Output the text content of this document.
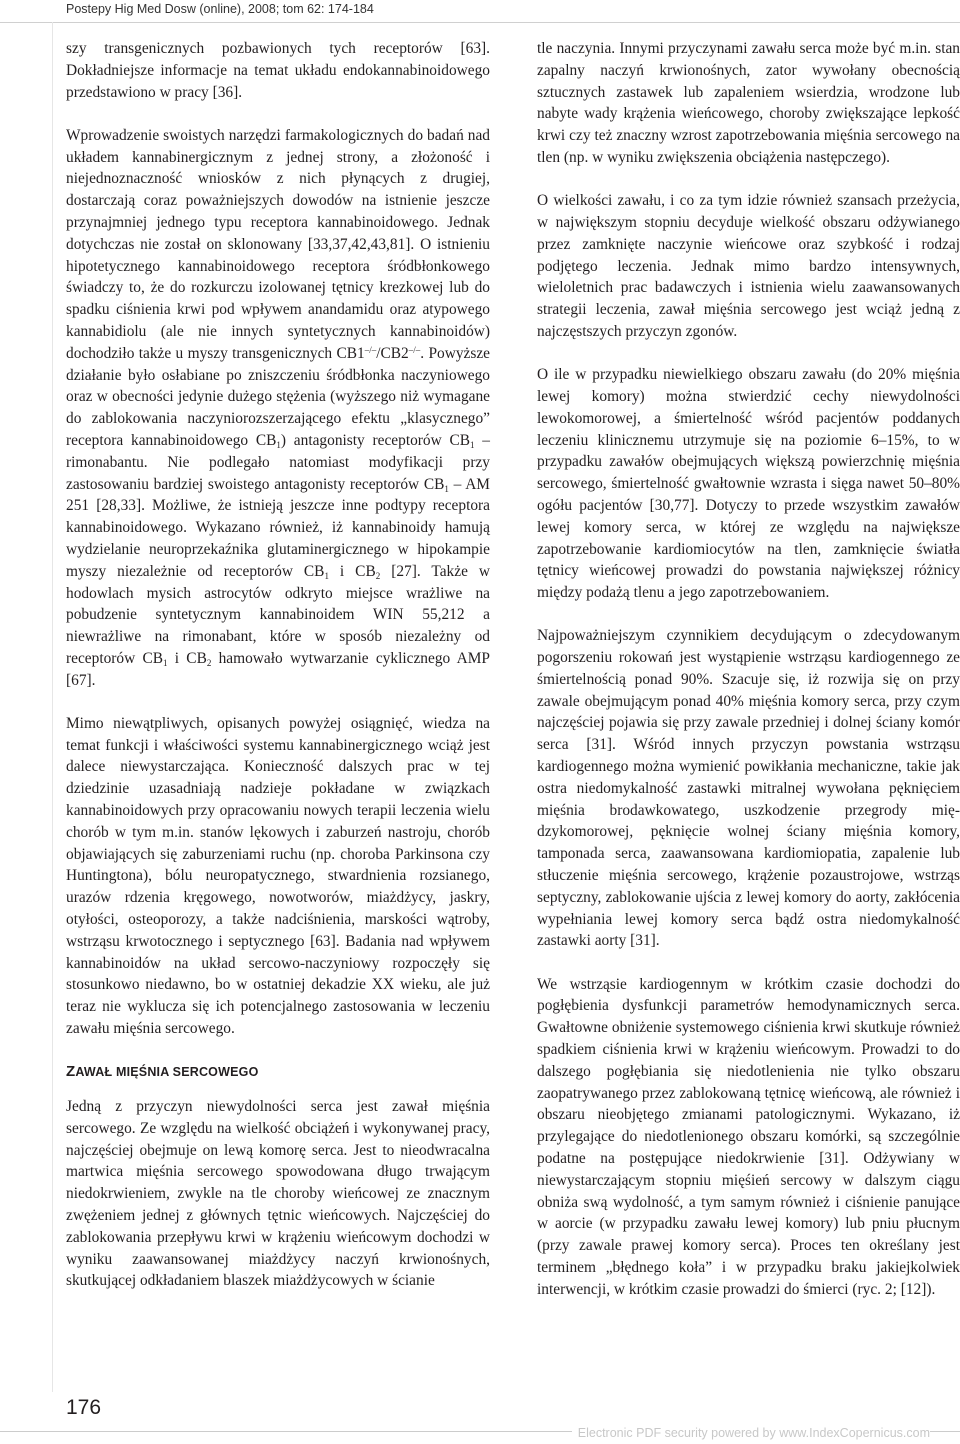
Postepy Hig Med Dosw (online), 2008; tom 62: 174-184

szy transgenicznych pozbawionych tych receptorów [63]. Dokładniejsze informacje na temat układu endokannabinoidowego przedstawiono w pracy [36].

Wprowadzenie swoistych narzędzi farmakologicznych do badań nad układem kannabinergicznym z jednej strony, a złożoność i niejednoznaczność wniosków z nich płynących z drugiej, dostarczają coraz poważniejszych dowodów na istnienie jeszcze przynajmniej jednego typu receptora kannabinoidowego. Jednak dotychczas nie został on sklonowany [33,37,42,43,81]. O istnieniu hipotetycznego kannabinoidowego receptora śródbłonkowego świadczy to, że do rozkurczu izolowanej tętnicy krezkowej lub do spadku ciśnienia krwi pod wpływem anandamidu oraz atypowego kannabidiolu (ale nie innych syntetycznych kannabinoidów) dochodziło także u myszy transgenicznych CB1–/–/CB2–/–. Powyższe działanie było osłabiane po zniszczeniu śródbłonka naczyniowego oraz w obecności jedynie dużego stężenia (wyższego niż wymagane do zablokowania naczyniorozszerzającego efektu „klasycznego” receptora kannabinoidowego $CB_1$) antagonisty receptorów $CB_1$ – rimonabantu. Nie podlegało natomiast modyfikacji przy zastosowaniu bardziej swoistego antagonisty receptorów $CB_1$ – AM 251 [28,33]. Możliwe, że istnieją jeszcze inne podtypy receptora kannabinoidowego. Wykazano również, iż kannabinoidy hamują wydzielanie neuroprzekaźnika glutaminergicznego w hipokampie myszy niezależnie od receptorów $CB_1$ i $CB_2$ [27]. Także w hodowlach mysich astrocytów odkryto miejsce wrażliwe na pobudzenie syntetycznym kannabinoidem WIN 55,212 a niewrażliwe na rimonabant, które w sposób niezależny od receptorów $CB_1$ i $CB_2$ hamowało wytwarzanie cyklicznego AMP [67].

Mimo niewątpliwych, opisanych powyżej osiągnięć, wiedza na temat funkcji i właściwości systemu kannabinergicznego wciąż jest dalece niewystarczająca. Konieczność dalszych prac w tej dziedzinie uzasadniają nadzieje pokładane w związkach kannabinoidowych przy opracowaniu nowych terapii leczenia wielu chorób w tym m.in. stanów lękowych i zaburzeń nastroju, chorób objawiających się zaburzeniami ruchu (np. choroba Parkinsona czy Huntingtona), bólu neuropatycznego, stwardnienia rozsianego, urazów rdzenia kręgowego, nowotworów, miażdżycy, jaskry, otyłości, osteoporozy, a także nadciśnienia, marskości wątroby, wstrząsu krwotocznego i septycznego [63]. Badania nad wpływem kannabinoidów na układ sercowo-naczyniowy rozpoczęły się stosunkowo niedawno, bo w ostatniej dekadzie XX wieku, ale już teraz nie wyklucza się ich potencjalnego zastosowania w leczeniu zawału mięśnia sercowego.

ZAWAŁ MIĘŚNIA SERCOWEGO

Jedną z przyczyn niewydolności serca jest zawał mięśnia sercowego. Ze względu na wielkość obciążeń i wykonywanej pracy, najczęściej obejmuje on lewą komorę serca. Jest to nieodwracalna martwica mięśnia sercowego spowodowana długo trwającym niedokrwieniem, zwykle na tle choroby wieńcowej ze znacznym zwężeniem jednej z głównych tętnic wieńcowych. Najczęściej do zablokowania przepływu krwi w krążeniu wieńcowym dochodzi w wyniku zaawansowanej miażdżycy naczyń krwionośnych, skutkującej odkładaniem blaszek miażdżycowych w ścianie

tle naczynia. Innymi przyczynami zawału serca może być m.in. stan zapalny naczyń krwionośnych, zator wywołany obecnością sztucznych zastawek lub zapaleniem wsierdzia, wrodzone lub nabyte wady krążenia wieńcowego, choroby zwiększające lepkość krwi czy też znaczny wzrost zapotrzebowania mięśnia sercowego na tlen (np. w wyniku zwiększenia obciążenia następczego).

O wielkości zawału, i co za tym idzie również szansach przeżycia, w największym stopniu decyduje wielkość obszaru odżywianego przez zamknięte naczynie wieńcowe oraz szybkość i rodzaj podjętego leczenia. Jednak mimo bardzo intensywnych, wieloletnich prac badawczych i istnienia wielu zaawansowanych strategii leczenia, zawał mięśnia sercowego jest wciąż jedną z najczęstszych przyczyn zgonów.

O ile w przypadku niewielkiego obszaru zawału (do 20% mięśnia lewej komory) można stwierdzić cechy niewydolności lewokomorowej, a śmiertelność wśród pacjentów poddanych leczeniu klinicznemu utrzymuje się na poziomie 6–15%, to w przypadku zawałów obejmujących większą powierzchnię mięśnia sercowego, śmiertelność gwałtownie wzrasta i sięga nawet 50–80% ogółu pacjentów [30,77]. Dotyczy to przede wszystkim zawałów lewej komory serca, w której ze względu na największe zapotrzebowanie kardiomiocytów na tlen, zamknięcie światła tętnicy wieńcowej prowadzi do powstania największej różnicy między podażą tlenu a jego zapotrzebowaniem.

Najpoważniejszym czynnikiem decydującym o zdecydowanym pogorszeniu rokowań jest wystąpienie wstrząsu kardiogennego ze śmiertelnością ponad 90%. Szacuje się, iż rozwija się on przy zawale obejmującym ponad 40% mięśnia komory serca, przy czym najczęściej pojawia się przy zawale przedniej i dolnej ściany komór serca [31]. Wśród innych przyczyn powstania wstrząsu kardiogennego można wymienić powikłania mechaniczne, takie jak ostra niedomykalność zastawki mitralnej wywołana pęknięciem mięśnia brodawkowatego, uszkodzenie przegrody międzykomorowej, pęknięcie wolnej ściany mięśnia komory, tamponada serca, zaawansowana kardiomiopatia, zapalenie lub stłuczenie mięśnia sercowego, krążenie pozaustrojowe, wstrząs septyczny, zablokowanie ujścia z lewej komory do aorty, zakłócenia wypełniania lewej komory serca bądź ostra niedomykalność zastawki aorty [31].

We wstrząsie kardiogennym w krótkim czasie dochodzi do pogłębienia dysfunkcji parametrów hemodynamicznych serca. Gwałtowne obniżenie systemowego ciśnienia krwi skutkuje również spadkiem ciśnienia krwi w krążeniu wieńcowym. Prowadzi to do dalszego pogłębiania się niedotlenienia nie tylko obszaru zaopatrywanego przez zablokowaną tętnicę wieńcową, ale również i obszaru nieobjętego zmianami patologicznymi. Wykazano, iż przylegające do niedotlenionego obszaru komórki, są szczególnie podatne na postępujące niedokrwienie [31]. Odżywiany w niewystarczającym stopniu mięśień sercowy w dalszym ciągu obniża swą wydolność, a tym samym również i ciśnienie panujące w aorcie (w przypadku zawału lewej komory) lub pniu płucnym (przy zawale prawej komory serca). Proces ten określany jest terminem „błędnego koła” i w przypadku braku jakiejkolwiek interwencji, w krótkim czasie prowadzi do śmierci (ryc. 2; [12]).

176
Electronic PDF security powered by www.IndexCopernicus.com
